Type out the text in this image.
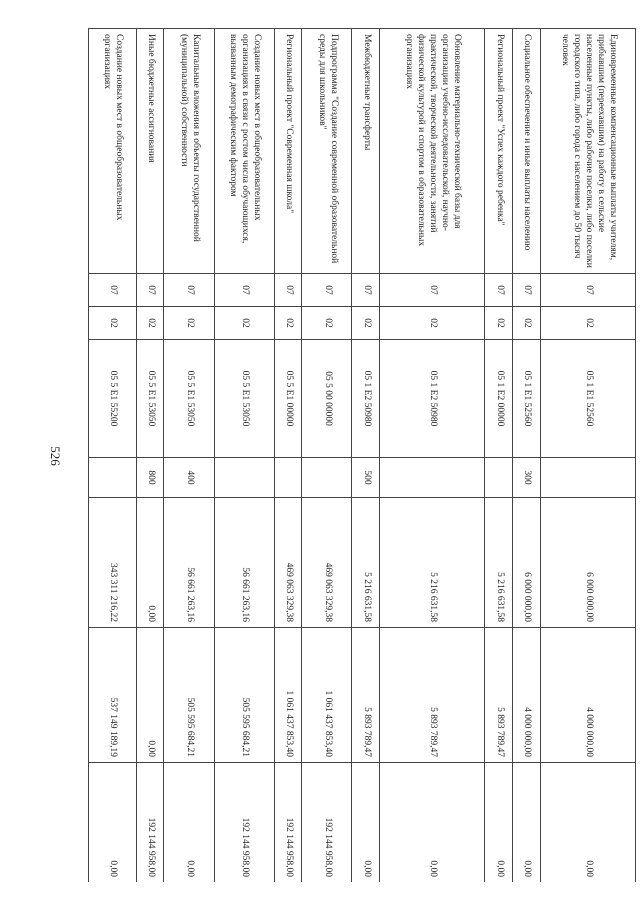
526
Единовременные компенсационные выплаты учителям, прибывшим (переехавшим) на работу в сельские населенные пункты, либо рабочие поселки, либо поселки городского типа, либо города с населением до 50 тысяч человек	07	02	05 1 E1 52560		6 000 000,00	4 000 000,00	0,00
Социальное обеспечение и иные выплаты населению	07	02	05 1 E1 52560	300	6 000 000,00	4 000 000,00	0,00
Региональный проект "Успех каждого ребенка"	07	02	05 1 E2 00000		5 216 631,58	5 893 789,47	0,00
Обновление материально-технической базы для организации учебно-исследовательской, научно-практической, творческой деятельности, занятий физической культурой и спортом в образовательных организациях	07	02	05 1 E2 50980		5 216 631,58	5 893 789,47	0,00
Межбюджетные трансферты	07	02	05 1 E2 50980	500	5 216 631,58	5 893 789,47	0,00
Подпрограмма "Создание современной образовательной среды для школьников"	07	02	05 5 00 00000		469 063 329,38	1 061 437 853,40	192 144 958,00
Региональный проект "Современная школа"	07	02	05 5 E1 00000		469 063 329,38	1 061 437 853,40	192 144 958,00
Создание новых мест в общеобразовательных организациях в связи с ростом числа обучающихся, вызванным демографическим фактором	07	02	05 5 E1 53050		56 661 263,16	505 595 684,21	192 144 958,00
Капитальные вложения в объекты государственной (муниципальной) собственности	07	02	05 5 E1 53050	400	56 661 263,16	505 595 684,21	0,00
Иные бюджетные ассигнования	07	02	05 5 E1 53050	800	0,00	0,00	192 144 958,00
Создание новых мест в общеобразовательных организациях	07	02	05 5 E1 55200		343 311 216,22	537 149 189,19	0,00
